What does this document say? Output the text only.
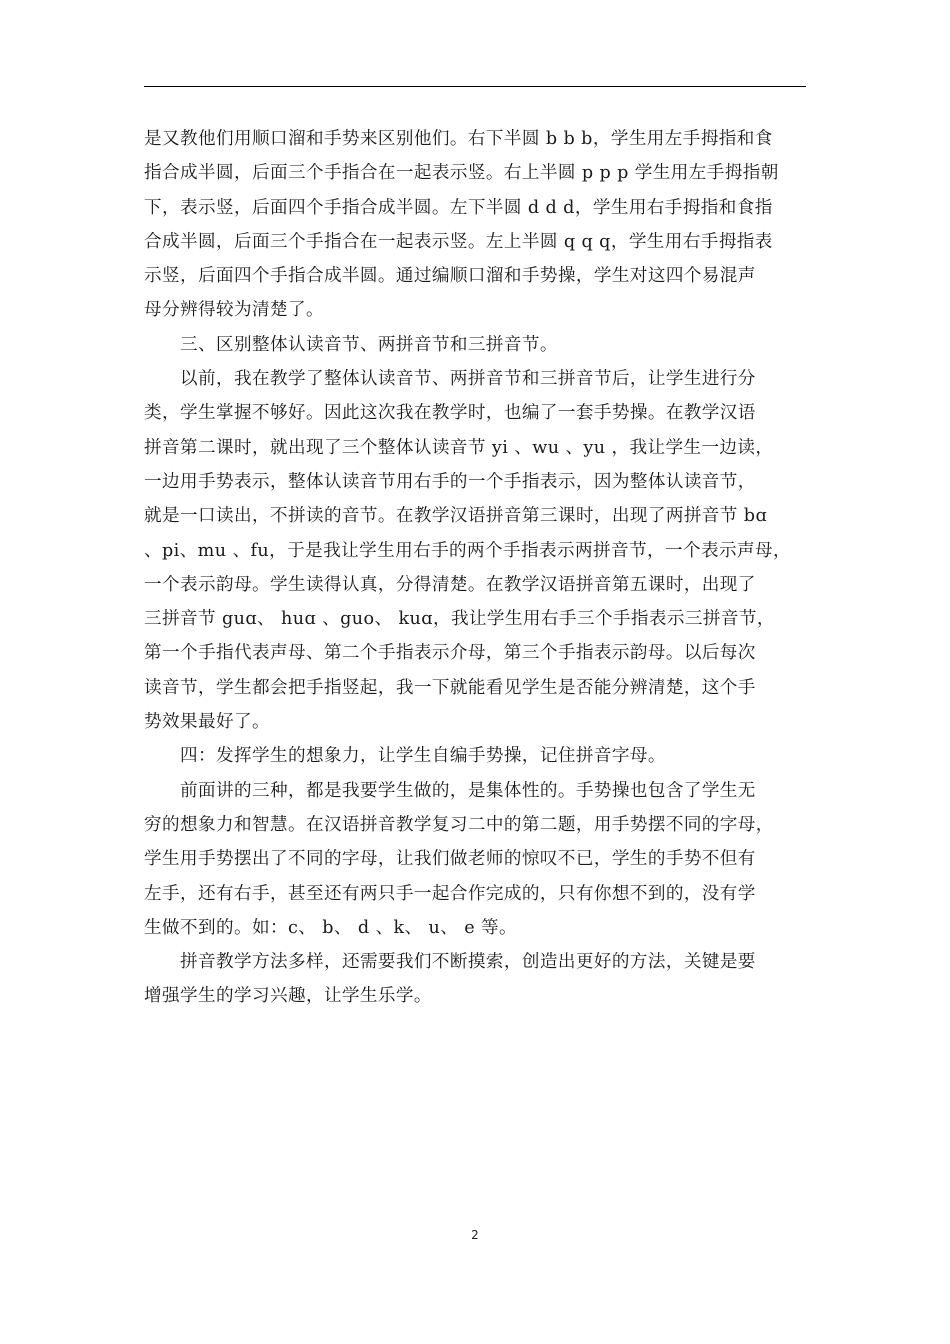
是又教他们用顺口溜和手势来区别他们。右下半圆 b b b，学生用左手拇指和食
指合成半圆，后面三个手指合在一起表示竖。右上半圆 p p p 学生用左手拇指朝
下，表示竖，后面四个手指合成半圆。左下半圆 d d d，学生用右手拇指和食指
合成半圆，后面三个手指合在一起表示竖。左上半圆 q q q，学生用右手拇指表
示竖，后面四个手指合成半圆。通过编顺口溜和手势操，学生对这四个易混声
母分辨得较为清楚了。
三、区别整体认读音节、两拼音节和三拼音节。
以前，我在教学了整体认读音节、两拼音节和三拼音节后，让学生进行分
类，学生掌握不够好。因此这次我在教学时，也编了一套手势操。在教学汉语
拼音第二课时，就出现了三个整体认读音节 yi 、wu 、yu ，我让学生一边读，
一边用手势表示，整体认读音节用右手的一个手指表示，因为整体认读音节，
就是一口读出，不拼读的音节。在教学汉语拼音第三课时，出现了两拼音节 bɑ
、pi、mu 、fu，于是我让学生用右手的两个手指表示两拼音节，一个表示声母，
一个表示韵母。学生读得认真，分得清楚。在教学汉语拼音第五课时，出现了
三拼音节 guɑ、 huɑ 、guo、 kuɑ，我让学生用右手三个手指表示三拼音节，
第一个手指代表声母、第二个手指表示介母，第三个手指表示韵母。以后每次
读音节，学生都会把手指竖起，我一下就能看见学生是否能分辨清楚，这个手
势效果最好了。
四：发挥学生的想象力，让学生自编手势操，记住拼音字母。
前面讲的三种，都是我要学生做的，是集体性的。手势操也包含了学生无
穷的想象力和智慧。在汉语拼音教学复习二中的第二题，用手势摆不同的字母，
学生用手势摆出了不同的字母，让我们做老师的惊叹不已，学生的手势不但有
左手，还有右手，甚至还有两只手一起合作完成的，只有你想不到的，没有学
生做不到的。如：c、 b、 d 、k、 u、 e 等。
拼音教学方法多样，还需要我们不断摸索，创造出更好的方法，关键是要
增强学生的学习兴趣，让学生乐学。
2
